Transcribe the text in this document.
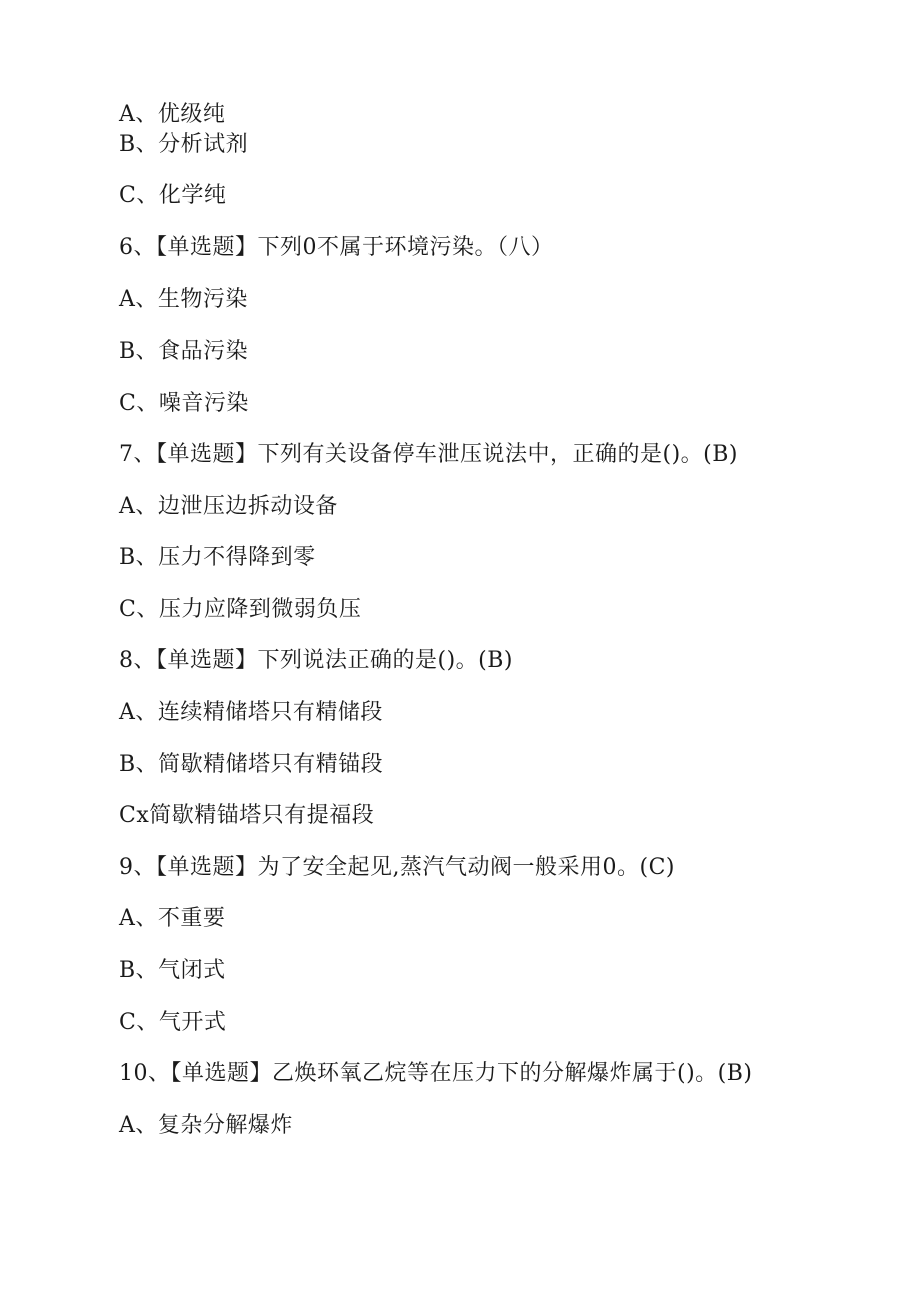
A、优级纯
B、分析试剂
C、化学纯
6、【单选题】下列0不属于环境污染。（八）
A、生物污染
B、食品污染
C、噪音污染
7、【单选题】下列有关设备停车泄压说法中，正确的是()。(B)
A、边泄压边拆动设备
B、压力不得降到零
C、压力应降到微弱负压
8、【单选题】下列说法正确的是()。(B)
A、连续精储塔只有精储段
B、简歇精储塔只有精锚段
Cx简歇精锚塔只有提福段
9、【单选题】为了安全起见,蒸汽气动阀一般采用0。(C)
A、不重要
B、气闭式
C、气开式
10、【单选题】乙焕环氧乙烷等在压力下的分解爆炸属于()。(B)
A、复杂分解爆炸
